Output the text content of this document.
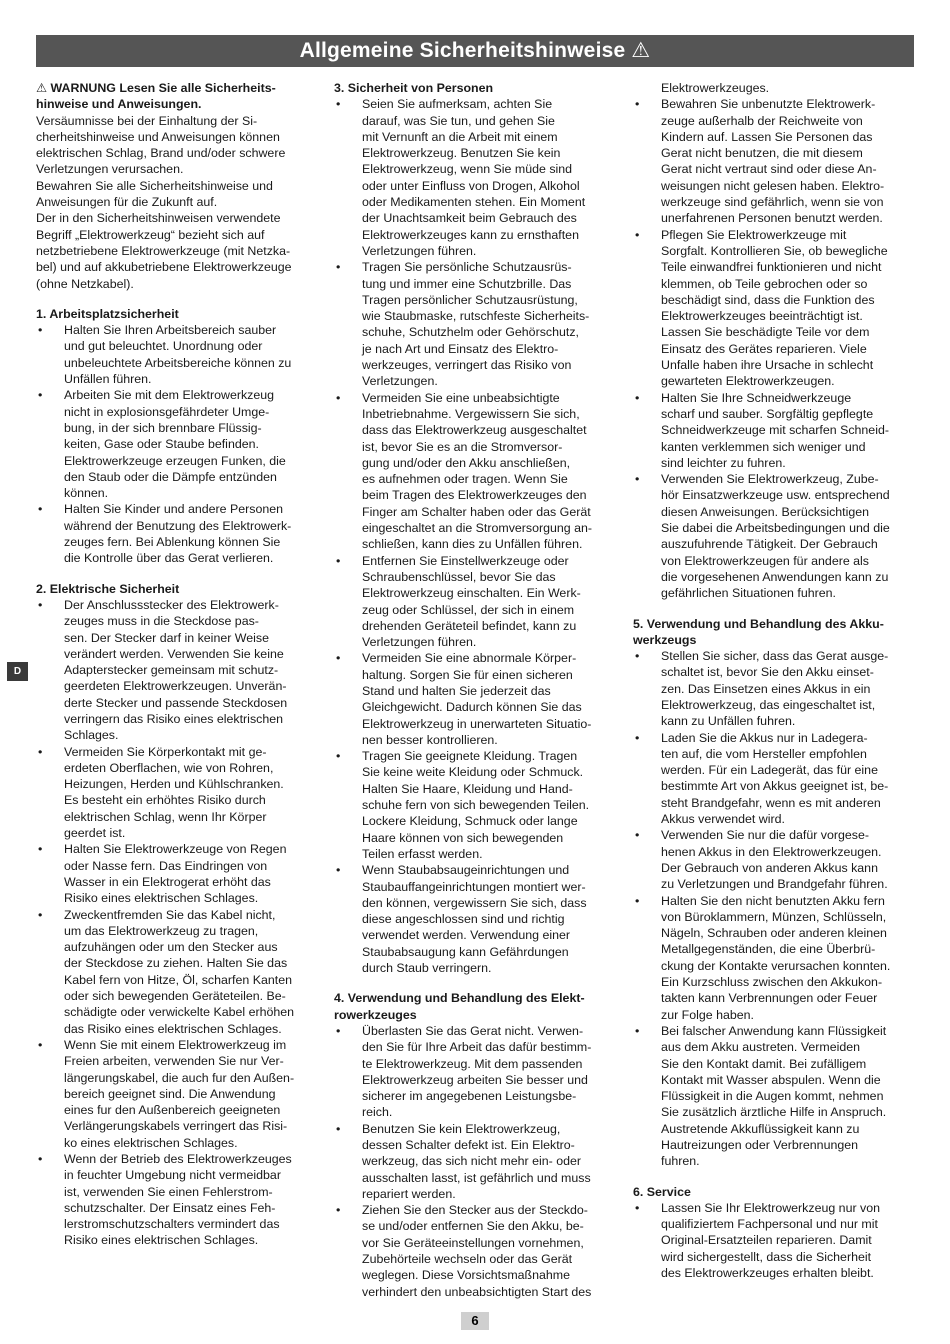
Allgemeine Sicherheitshinweise ⚠
D

⚠ WARNUNG Lesen Sie alle Sicherheits-
hinweise und Anweisungen.

Versäumnisse bei der Einhaltung der Si-
cherheitshinweise und Anweisungen können
elektrischen Schlag, Brand und/oder schwere
Verletzungen verursachen.
Bewahren Sie alle Sicherheitshinweise und
Anweisungen für die Zukunft auf.
Der in den Sicherheitshinweisen verwendete
Begriff „Elektrowerkzeug“ bezieht sich auf
netzbetriebene Elektrowerkzeuge (mit Netzka-
bel) und auf akkubetriebene Elektrowerkzeuge
(ohne Netzkabel).

1. Arbeitsplatzsicherheit

• Halten Sie Ihren Arbeitsbereich sauber
und gut beleuchtet. Unordnung oder
unbeleuchtete Arbeitsbereiche können zu
Unfällen führen.

• Arbeiten Sie mit dem Elektrowerkzeug
nicht in explosionsgefährdeter Umge-
bung, in der sich brennbare Flüssig-
keiten, Gase oder Staube befinden.
Elektrowerkzeuge erzeugen Funken, die
den Staub oder die Dämpfe entzünden
können.

• Halten Sie Kinder und andere Personen
während der Benutzung des Elektrowerk-
zeuges fern. Bei Ablenkung können Sie
die Kontrolle über das Gerat verlieren.

2. Elektrische Sicherheit

• Der Anschlussstecker des Elektrowerk-
zeuges muss in die Steckdose pas-
sen. Der Stecker darf in keiner Weise
verändert werden. Verwenden Sie keine
Adapterstecker gemeinsam mit schutz-
geerdeten Elektrowerkzeugen. Unverän-
derte Stecker und passende Steckdosen
verringern das Risiko eines elektrischen
Schlages.

• Vermeiden Sie Körperkontakt mit ge-
erdeten Oberflachen, wie von Rohren,
Heizungen, Herden und Kühlschranken.
Es besteht ein erhöhtes Risiko durch
elektrischen Schlag, wenn Ihr Körper
geerdet ist.

• Halten Sie Elektrowerkzeuge von Regen
oder Nasse fern. Das Eindringen von
Wasser in ein Elektrogerat erhöht das
Risiko eines elektrischen Schlages.

• Zweckentfremden Sie das Kabel nicht,
um das Elektrowerkzeug zu tragen,
aufzuhängen oder um den Stecker aus
der Steckdose zu ziehen. Halten Sie das
Kabel fern von Hitze, Öl, scharfen Kanten
oder sich bewegenden Geräteteilen. Be-
schädigte oder verwickelte Kabel erhöhen
das Risiko eines elektrischen Schlages.

• Wenn Sie mit einem Elektrowerkzeug im
Freien arbeiten, verwenden Sie nur Ver-
längerungskabel, die auch fur den Außen-
bereich geeignet sind. Die Anwendung
eines fur den Außenbereich geeigneten
Verlängerungskabels verringert das Risi-
ko eines elektrischen Schlages.

• Wenn der Betrieb des Elektrowerkzeuges
in feuchter Umgebung nicht vermeidbar
ist, verwenden Sie einen Fehlerstrom-
schutzschalter. Der Einsatz eines Feh-
lerstromschutzschalters vermindert das
Risiko eines elektrischen Schlages.

3. Sicherheit von Personen

• Seien Sie aufmerksam, achten Sie
darauf, was Sie tun, und gehen Sie
mit Vernunft an die Arbeit mit einem
Elektrowerkzeug. Benutzen Sie kein
Elektrowerkzeug, wenn Sie müde sind
oder unter Einfluss von Drogen, Alkohol
oder Medikamenten stehen. Ein Moment
der Unachtsamkeit beim Gebrauch des
Elektrowerkzeuges kann zu ernsthaften
Verletzungen führen.

• Tragen Sie persönliche Schutzausrüs-
tung und immer eine Schutzbrille. Das
Tragen persönlicher Schutzausrüstung,
wie Staubmaske, rutschfeste Sicherheits-
schuhe, Schutzhelm oder Gehörschutz,
je nach Art und Einsatz des Elektro-
werkzeuges, verringert das Risiko von
Verletzungen.

• Vermeiden Sie eine unbeabsichtigte
Inbetriebnahme. Vergewissern Sie sich,
dass das Elektrowerkzeug ausgeschaltet
ist, bevor Sie es an die Stromversor-
gung und/oder den Akku anschließen,
es aufnehmen oder tragen. Wenn Sie
beim Tragen des Elektrowerkzeuges den
Finger am Schalter haben oder das Gerät
eingeschaltet an die Stromversorgung an-
schließen, kann dies zu Unfällen führen.

• Entfernen Sie Einstellwerkzeuge oder
Schraubenschlüssel, bevor Sie das
Elektrowerkzeug einschalten. Ein Werk-
zeug oder Schlüssel, der sich in einem
drehenden Geräteteil befindet, kann zu
Verletzungen führen.

• Vermeiden Sie eine abnormale Körper-
haltung. Sorgen Sie für einen sicheren
Stand und halten Sie jederzeit das
Gleichgewicht. Dadurch können Sie das
Elektrowerkzeug in unerwarteten Situatio-
nen besser kontrollieren.

• Tragen Sie geeignete Kleidung. Tragen
Sie keine weite Kleidung oder Schmuck.
Halten Sie Haare, Kleidung und Hand-
schuhe fern von sich bewegenden Teilen.
Lockere Kleidung, Schmuck oder lange
Haare können von sich bewegenden
Teilen erfasst werden.

• Wenn Staubabsaugeinrichtungen und
Staubauffangeinrichtungen montiert wer-
den können, vergewissern Sie sich, dass
diese angeschlossen sind und richtig
verwendet werden. Verwendung einer
Staubabsaugung kann Gefährdungen
durch Staub verringern.

4. Verwendung und Behandlung des Elekt-
rowerkzeuges

• Überlasten Sie das Gerat nicht. Verwen-
den Sie für Ihre Arbeit das dafür bestimm-
te Elektrowerkzeug. Mit dem passenden
Elektrowerkzeug arbeiten Sie besser und
sicherer im angegebenen Leistungsbe-
reich.

• Benutzen Sie kein Elektrowerkzeug,
dessen Schalter defekt ist. Ein Elektro-
werkzeug, das sich nicht mehr ein- oder
ausschalten lasst, ist gefährlich und muss
repariert werden.

• Ziehen Sie den Stecker aus der Steckdo-
se und/oder entfernen Sie den Akku, be-
vor Sie Geräteeinstellungen vornehmen,
Zubehörteile wechseln oder das Gerät
weglegen. Diese Vorsichtsmaßnahme
verhindert den unbeabsichtigten Start des

Elektrowerkzeuges.

• Bewahren Sie unbenutzte Elektrowerk-
zeuge außerhalb der Reichweite von
Kindern auf. Lassen Sie Personen das
Gerat nicht benutzen, die mit diesem
Gerat nicht vertraut sind oder diese An-
weisungen nicht gelesen haben. Elektro-
werkzeuge sind gefährlich, wenn sie von
unerfahrenen Personen benutzt werden.

• Pflegen Sie Elektrowerkzeuge mit
Sorgfalt. Kontrollieren Sie, ob bewegliche
Teile einwandfrei funktionieren und nicht
klemmen, ob Teile gebrochen oder so
beschädigt sind, dass die Funktion des
Elektrowerkzeuges beeinträchtigt ist.
Lassen Sie beschädigte Teile vor dem
Einsatz des Gerätes reparieren. Viele
Unfalle haben ihre Ursache in schlecht
gewarteten Elektrowerkzeugen.

• Halten Sie Ihre Schneidwerkzeuge
scharf und sauber. Sorgfältig gepflegte
Schneidwerkzeuge mit scharfen Schneid-
kanten verklemmen sich weniger und
sind leichter zu fuhren.

• Verwenden Sie Elektrowerkzeug, Zube-
hör Einsatzwerkzeuge usw. entsprechend
diesen Anweisungen. Berücksichtigen
Sie dabei die Arbeitsbedingungen und die
auszufuhrende Tätigkeit. Der Gebrauch
von Elektrowerkzeugen für andere als
die vorgesehenen Anwendungen kann zu
gefährlichen Situationen fuhren.

5. Verwendung und Behandlung des Akku-
werkzeugs

• Stellen Sie sicher, dass das Gerat ausge-
schaltet ist, bevor Sie den Akku einset-
zen. Das Einsetzen eines Akkus in ein
Elektrowerkzeug, das eingeschaltet ist,
kann zu Unfällen fuhren.

• Laden Sie die Akkus nur in Ladegera-
ten auf, die vom Hersteller empfohlen
werden. Für ein Ladegerät, das für eine
bestimmte Art von Akkus geeignet ist, be-
steht Brandgefahr, wenn es mit anderen
Akkus verwendet wird.

• Verwenden Sie nur die dafür vorgese-
henen Akkus in den Elektrowerkzeugen.
Der Gebrauch von anderen Akkus kann
zu Verletzungen und Brandgefahr führen.

• Halten Sie den nicht benutzten Akku fern
von Büroklammern, Münzen, Schlüsseln,
Nägeln, Schrauben oder anderen kleinen
Metallgegenständen, die eine Überbrü-
ckung der Kontakte verursachen konnten.
Ein Kurzschluss zwischen den Akkukon-
takten kann Verbrennungen oder Feuer
zur Folge haben.

• Bei falscher Anwendung kann Flüssigkeit
aus dem Akku austreten. Vermeiden
Sie den Kontakt damit. Bei zufälligem
Kontakt mit Wasser abspulen. Wenn die
Flüssigkeit in die Augen kommt, nehmen
Sie zusätzlich ärztliche Hilfe in Anspruch.
Austretende Akkuflüssigkeit kann zu
Hautreizungen oder Verbrennungen
fuhren.

6. Service

• Lassen Sie Ihr Elektrowerkzeug nur von
qualifiziertem Fachpersonal und nur mit
Original-Ersatzteilen reparieren. Damit
wird sichergestellt, dass die Sicherheit
des Elektrowerkzeuges erhalten bleibt.

6
